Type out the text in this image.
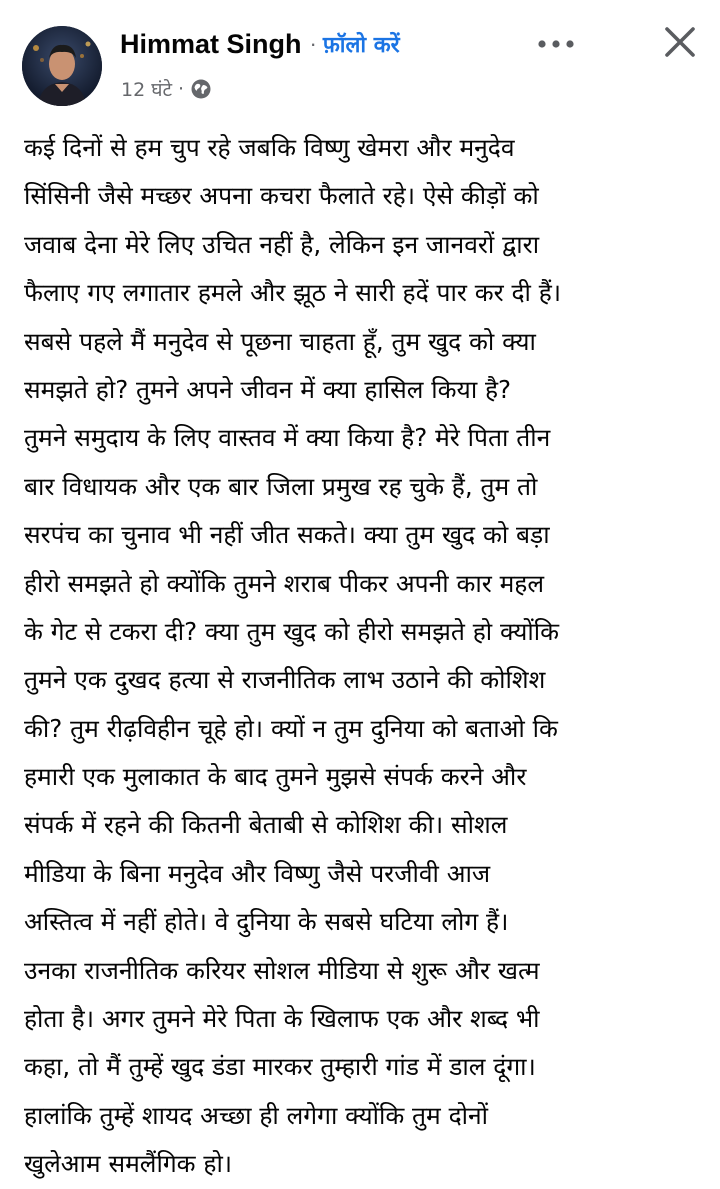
Himmat Singh · फ़ॉलो करें
12 घंटे ·
कई दिनों से हम चुप रहे जबकि विष्णु खेमरा और मनुदेव
सिंसिनी जैसे मच्छर अपना कचरा फैलाते रहे। ऐसे कीड़ों को
जवाब देना मेरे लिए उचित नहीं है, लेकिन इन जानवरों द्वारा
फैलाए गए लगातार हमले और झूठ ने सारी हदें पार कर दी हैं।
सबसे पहले मैं मनुदेव से पूछना चाहता हूँ, तुम खुद को क्या
समझते हो? तुमने अपने जीवन में क्या हासिल किया है?
तुमने समुदाय के लिए वास्तव में क्या किया है? मेरे पिता तीन
बार विधायक और एक बार जिला प्रमुख रह चुके हैं, तुम तो
सरपंच का चुनाव भी नहीं जीत सकते। क्या तुम खुद को बड़ा
हीरो समझते हो क्योंकि तुमने शराब पीकर अपनी कार महल
के गेट से टकरा दी? क्या तुम खुद को हीरो समझते हो क्योंकि
तुमने एक दुखद हत्या से राजनीतिक लाभ उठाने की कोशिश
की? तुम रीढ़विहीन चूहे हो। क्यों न तुम दुनिया को बताओ कि
हमारी एक मुलाकात के बाद तुमने मुझसे संपर्क करने और
संपर्क में रहने की कितनी बेताबी से कोशिश की। सोशल
मीडिया के बिना मनुदेव और विष्णु जैसे परजीवी आज
अस्तित्व में नहीं होते। वे दुनिया के सबसे घटिया लोग हैं।
उनका राजनीतिक करियर सोशल मीडिया से शुरू और खत्म
होता है। अगर तुमने मेरे पिता के खिलाफ एक और शब्द भी
कहा, तो मैं तुम्हें खुद डंडा मारकर तुम्हारी गांड में डाल दूंगा।
हालांकि तुम्हें शायद अच्छा ही लगेगा क्योंकि तुम दोनों
खुलेआम समलैंगिक हो।
